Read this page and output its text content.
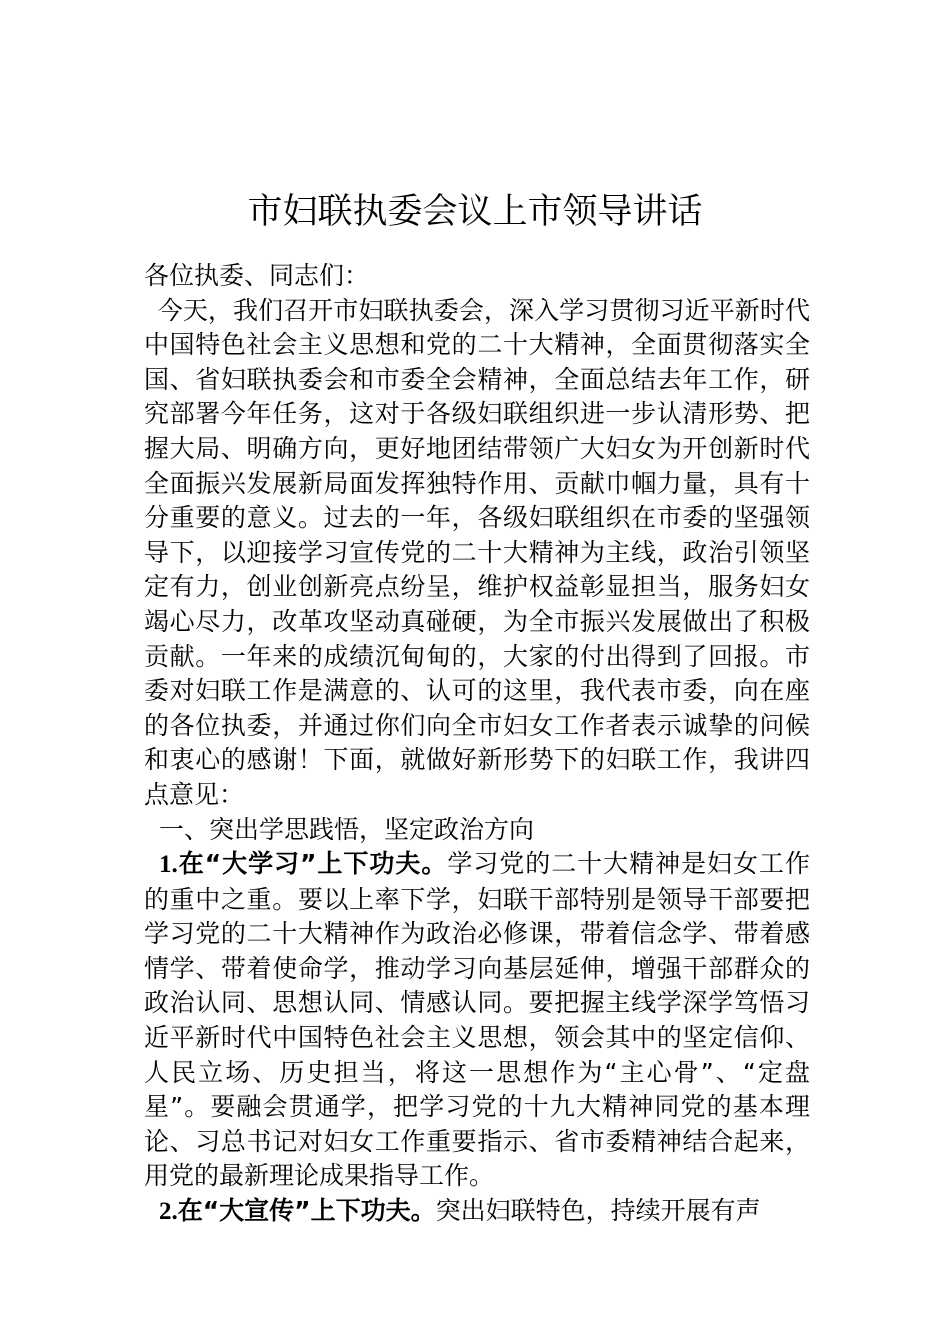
市妇联执委会议上市领导讲话

各位执委、同志们：

今天，我们召开市妇联执委会，深入学习贯彻习近平新时代中国特色社会主义思想和党的二十大精神，全面贯彻落实全国、省妇联执委会和市委全会精神，全面总结去年工作，研究部署今年任务，这对于各级妇联组织进一步认清形势、把握大局、明确方向，更好地团结带领广大妇女为开创新时代全面振兴发展新局面发挥独特作用、贡献巾帼力量，具有十分重要的意义。过去的一年，各级妇联组织在市委的坚强领导下，以迎接学习宣传党的二十大精神为主线，政治引领坚定有力，创业创新亮点纷呈，维护权益彰显担当，服务妇女竭心尽力，改革攻坚动真碰硬，为全市振兴发展做出了积极贡献。一年来的成绩沉甸甸的，大家的付出得到了回报。市委对妇联工作是满意的、认可的这里，我代表市委，向在座的各位执委，并通过你们向全市妇女工作者表示诚挚的问候和衷心的感谢！下面，就做好新形势下的妇联工作，我讲四点意见：

一、突出学思践悟，坚定政治方向

1.在“大学习”上下功夫。学习党的二十大精神是妇女工作的重中之重。要以上率下学，妇联干部特别是领导干部要把学习党的二十大精神作为政治必修课，带着信念学、带着感情学、带着使命学，推动学习向基层延伸，增强干部群众的政治认同、思想认同、情感认同。要把握主线学深学笃悟习近平新时代中国特色社会主义思想，领会其中的坚定信仰、人民立场、历史担当，将这一思想作为“主心骨”、“定盘星”。要融会贯通学，把学习党的十九大精神同党的基本理论、习总书记对妇女工作重要指示、省市委精神结合起来，用党的最新理论成果指导工作。

2.在“大宣传”上下功夫。突出妇联特色，持续开展有声
